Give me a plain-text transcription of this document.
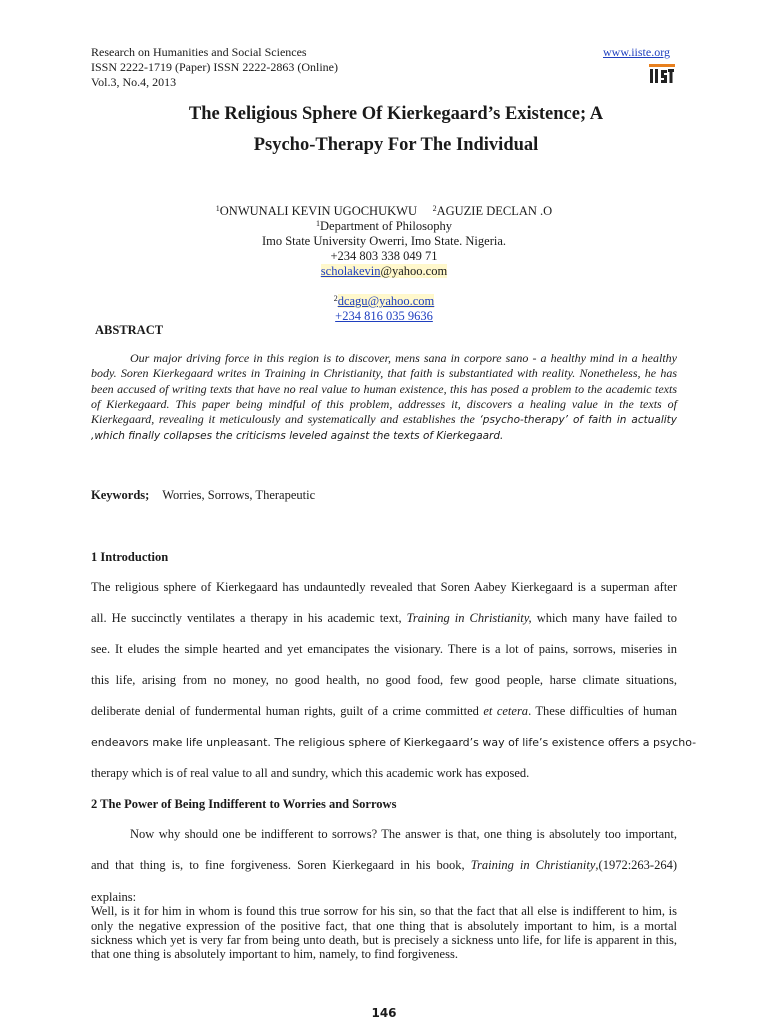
Research on Humanities and Social Sciences
ISSN 2222-1719 (Paper) ISSN 2222-2863 (Online)
Vol.3, No.4, 2013
www.iiste.org
The Religious Sphere Of Kierkegaard’s Existence; A
Psycho-Therapy For The Individual
$^1$ONWUNALI KEVIN UGOCHUKWU $^2$AGUZIE DECLAN .O
$^1$Department of Philosophy
Imo State University Owerri, Imo State. Nigeria.
+234 803 338 049 71
scholakevin@yahoo.com
$^2$dcagu@yahoo.com
+234 816 035 9636
ABSTRACT

Our major driving force in this region is to discover, mens sana in corpore sano - a healthy mind in a healthy body. Soren Kierkegaard writes in Training in Christianity, that faith is substantiated with reality. Nonetheless, he has been accused of writing texts that have no real value to human existence, this has posed a problem to the academic texts of Kierkegaard. This paper being mindful of this problem, addresses it, discovers a healing value in the texts of Kierkegaard, revealing it meticulously and systematically and establishes the ‘psycho-therapy’ of faith in actuality ,which finally collapses the criticisms leveled against the texts of Kierkegaard.

Keywords; Worries, Sorrows, Therapeutic
1 Introduction
The religious sphere of Kierkegaard has undauntedly revealed that Soren Aabey Kierkegaard is a superman after
all. He succinctly ventilates a therapy in his academic text, Training in Christianity, which many have failed to
see. It eludes the simple hearted and yet emancipates the visionary. There is a lot of pains, sorrows, miseries in
this life, arising from no money, no good health, no good food, few good people, harse climate situations,
deliberate denial of fundermental human rights, guilt of a crime committed et cetera. These difficulties of human
endeavors make life unpleasant. The religious sphere of Kierkegaard’s way of life’s existence offers a psycho-
therapy which is of real value to all and sundry, which this academic work has exposed.
2 The Power of Being Indifferent to Worries and Sorrows
Now why should one be indifferent to sorrows? The answer is that, one thing is absolutely too important,
and that thing is, to fine forgiveness. Soren Kierkegaard in his book, Training in Christianity,(1972:263-264)

explains:

Well, is it for him in whom is found this true sorrow for his sin, so that the fact that all else is indifferent to him, is only the negative expression of the positive fact, that one thing that is absolutely important to him, is a mortal sickness which yet is very far from being unto death, but is precisely a sickness unto life, for life is apparent in this, that one thing is absolutely important to him, namely, to find forgiveness.

146
